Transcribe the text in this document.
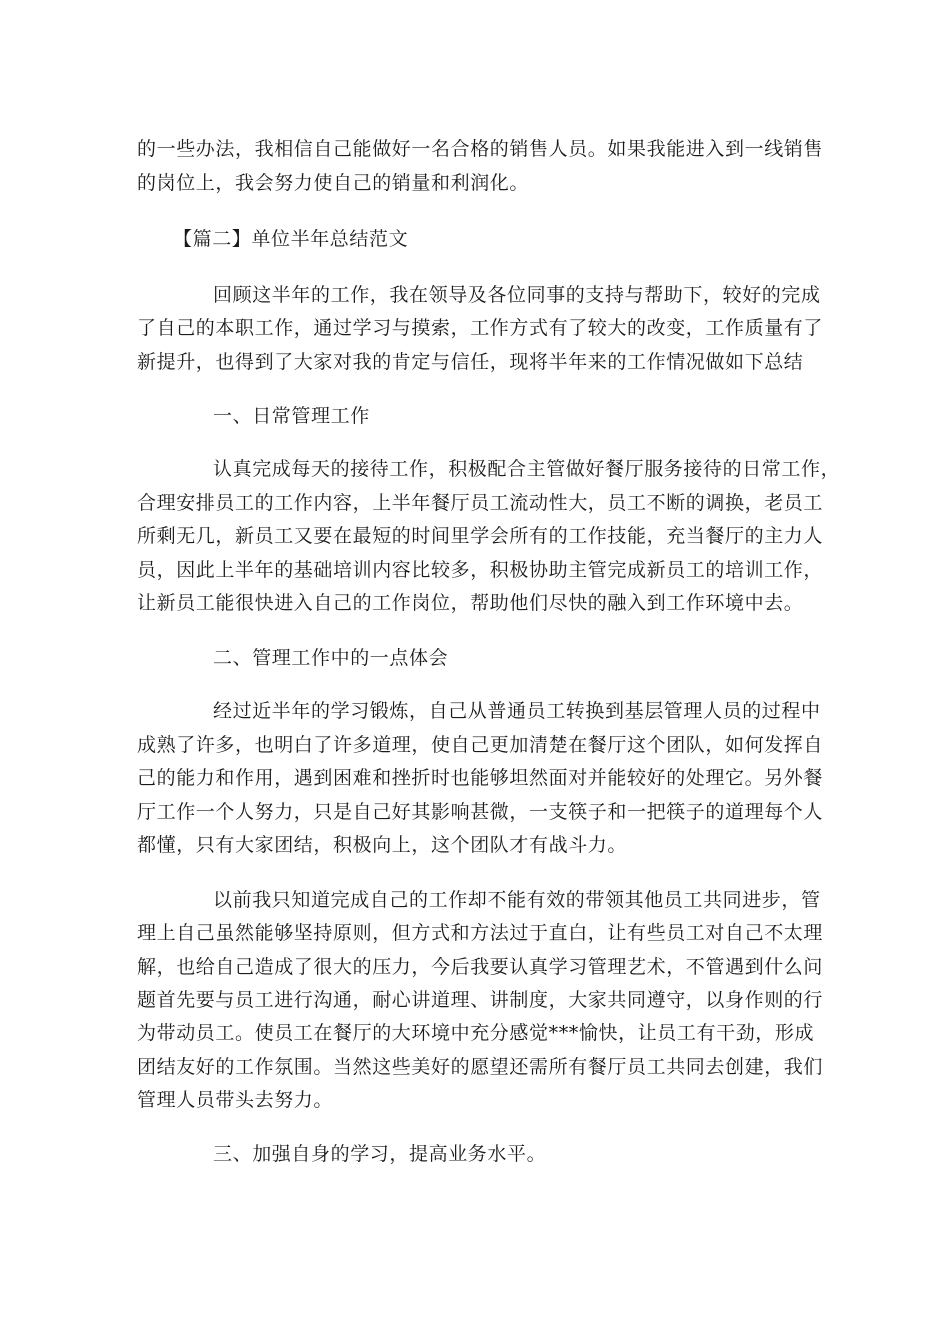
的一些办法，我相信自己能做好一名合格的销售人员。如果我能进入到一线销售
的岗位上，我会努力使自己的销量和利润化。
【篇二】单位半年总结范文
回顾这半年的工作，我在领导及各位同事的支持与帮助下，较好的完成
了自己的本职工作，通过学习与摸索，工作方式有了较大的改变，工作质量有了
新提升，也得到了大家对我的肯定与信任，现将半年来的工作情况做如下总结
一、日常管理工作
认真完成每天的接待工作，积极配合主管做好餐厅服务接待的日常工作，
合理安排员工的工作内容，上半年餐厅员工流动性大，员工不断的调换，老员工
所剩无几，新员工又要在最短的时间里学会所有的工作技能，充当餐厅的主力人
员，因此上半年的基础培训内容比较多，积极协助主管完成新员工的培训工作，
让新员工能很快进入自己的工作岗位，帮助他们尽快的融入到工作环境中去。
二、管理工作中的一点体会
经过近半年的学习锻炼，自己从普通员工转换到基层管理人员的过程中
成熟了许多，也明白了许多道理，使自己更加清楚在餐厅这个团队，如何发挥自
己的能力和作用，遇到困难和挫折时也能够坦然面对并能较好的处理它。另外餐
厅工作一个人努力，只是自己好其影响甚微，一支筷子和一把筷子的道理每个人
都懂，只有大家团结，积极向上，这个团队才有战斗力。
以前我只知道完成自己的工作却不能有效的带领其他员工共同进步，管
理上自己虽然能够坚持原则，但方式和方法过于直白，让有些员工对自己不太理
解，也给自己造成了很大的压力，今后我要认真学习管理艺术，不管遇到什么问
题首先要与员工进行沟通，耐心讲道理、讲制度，大家共同遵守，以身作则的行
为带动员工。使员工在餐厅的大环境中充分感觉***愉快，让员工有干劲，形成
团结友好的工作氛围。当然这些美好的愿望还需所有餐厅员工共同去创建，我们
管理人员带头去努力。
三、加强自身的学习，提高业务水平。
